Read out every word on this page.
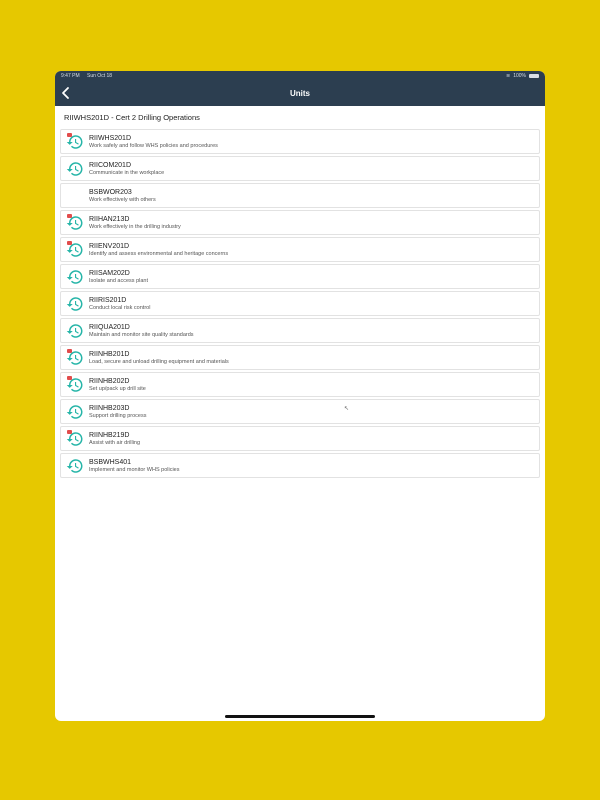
9:47 PM Sun Oct 18	≋ 100%
Units
RIIWHS201D - Cert 2 Drilling Operations
RIIWHS201D
Work safely and follow WHS policies and procedures
RIICOM201D
Communicate in the workplace
BSBWOR203
Work effectively with others
RIIHAN213D
Work effectively in the drilling industry
RIIENV201D
Identify and assess environmental and heritage concerns
RIISAM202D
Isolate and access plant
RIIRIS201D
Conduct local risk control
RIIQUA201D
Maintain and monitor site quality standards
RIINHB201D
Load, secure and unload drilling equipment and materials
RIINHB202D
Set up/pack up drill site
RIINHB203D
Support drilling process
RIINHB219D
Assist with air drilling
BSBWHS401
Implement and monitor WHS policies
↖
